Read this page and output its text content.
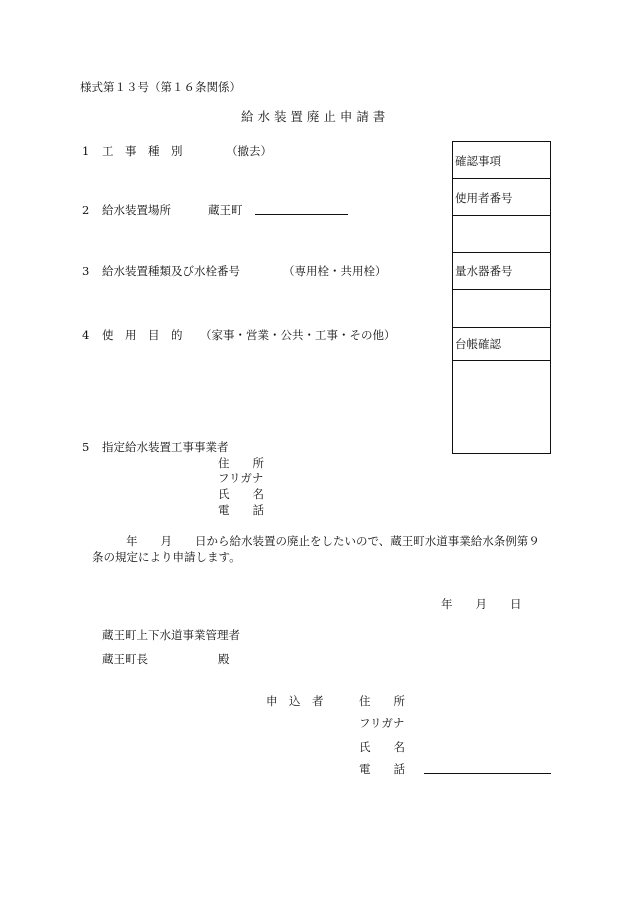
様式第１３号（第１６条関係）
給 水 装 置 廃 止 申 請 書
1 工　事　種　別	（撤去）
2 給水装置場所	蔵王町
3 給水装置種類及び水栓番号	（専用栓・共用栓）
4 使　用　目　的 （家事・営業・公共・工事・その他）
5 指定給水装置工事事業者
住　　所
フリガナ
氏　　名
電　　話
確認事項
使用者番号
量水器番号
台帳確認
年　　月　　日から給水装置の廃止をしたいので、蔵王町水道事業給水条例第９
条の規定により申請します。
年　　月　　日
蔵王町上下水道事業管理者
蔵王町長	殿
申　込　者	住　　所
フリガナ
氏　　名
電　　話
